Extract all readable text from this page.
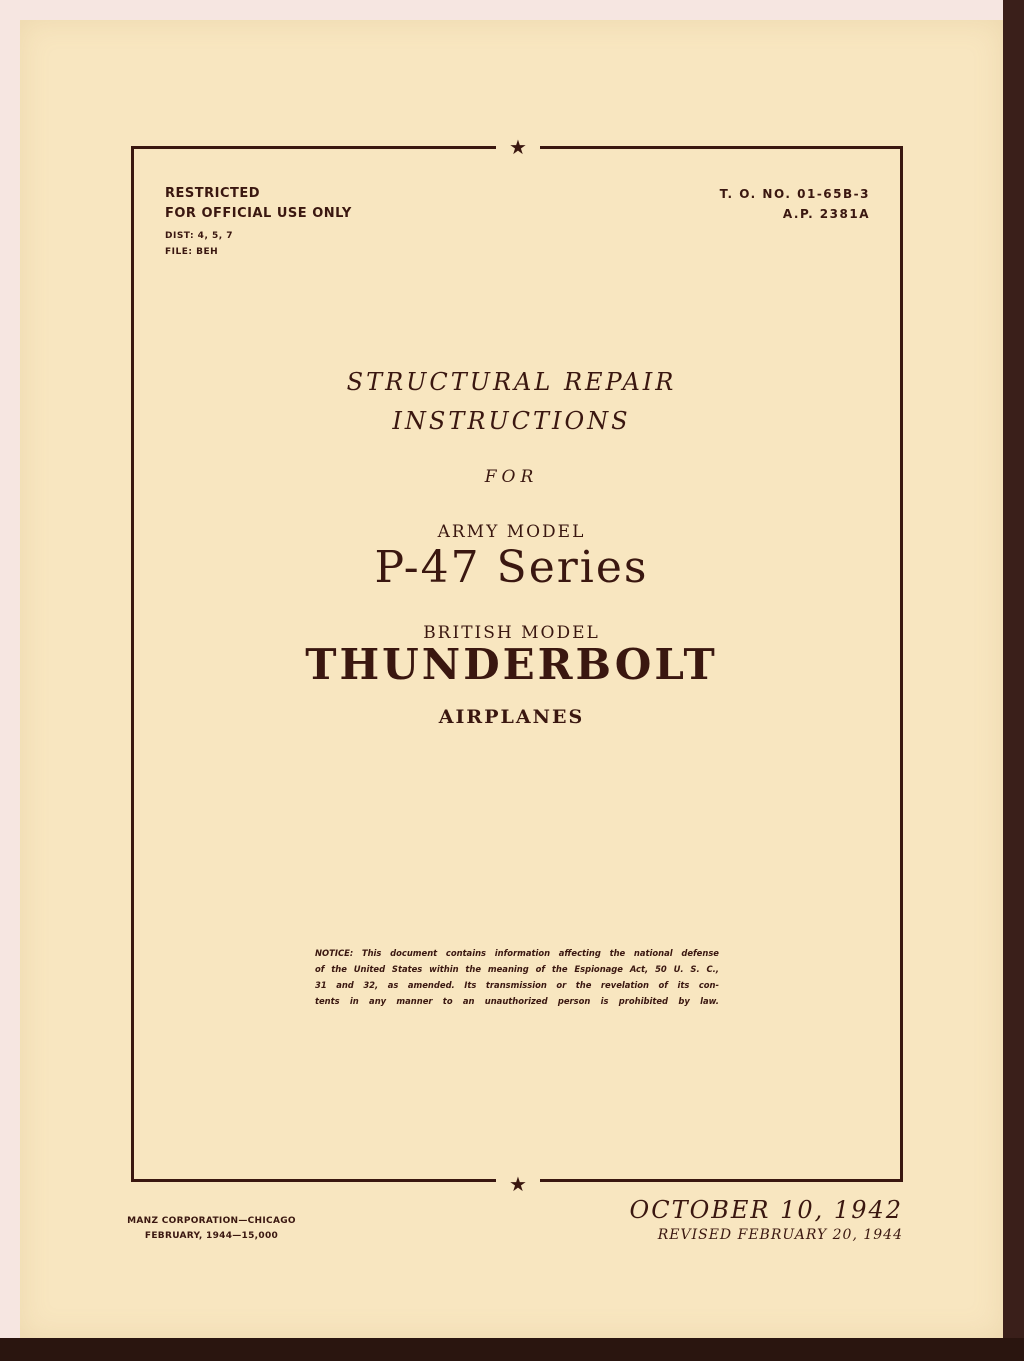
★
★
RESTRICTED
FOR OFFICIAL USE ONLY
DIST: 4, 5, 7
FILE: BEH
T. O. NO. 01-65B-3
A.P. 2381A
STRUCTURAL REPAIR
INSTRUCTIONS
FOR
ARMY MODEL
P-47 Series
BRITISH MODEL
THUNDERBOLT
AIRPLANES
NOTICE: This document contains information affecting the national defense
of the United States within the meaning of the Espionage Act, 50 U. S. C.,
31 and 32, as amended. Its transmission or the revelation of its con-
tents in any manner to an unauthorized person is prohibited by law.
MANZ CORPORATION—CHICAGO
FEBRUARY, 1944—15,000
OCTOBER 10, 1942
REVISED FEBRUARY 20, 1944
